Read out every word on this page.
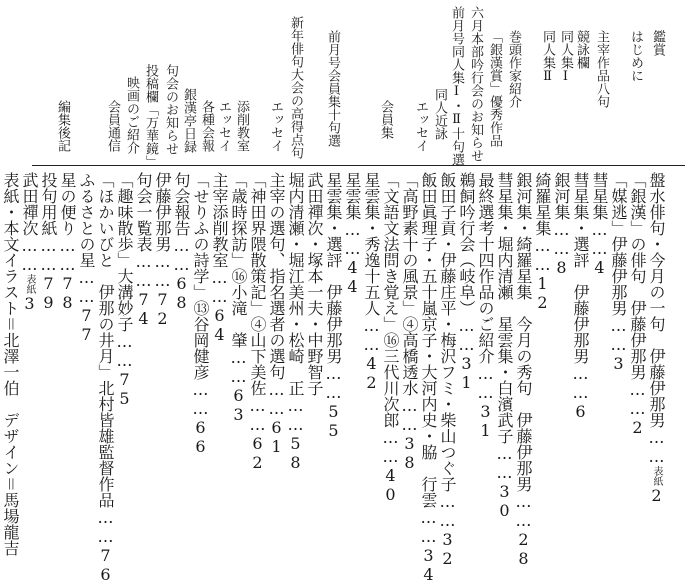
鑑賞
はじめに
主宰作品八句
競詠欄
同人集Ⅰ
同人集Ⅱ
巻頭作家紹介
「銀漢賞」優秀作品
六月本部吟行会のお知らせ
前月号同人集Ⅰ・Ⅱ十句選
同人近詠
エッセイ
会員集
前月号会員集十句選
新年俳句大会の高得点句
エッセイ
添削教室
エッセイ
各種会報
銀漢亭日録
句会のお知らせ
投稿欄「万華鏡」
映画のご紹介
会員通信
編集後記
盤水俳句・今月の一句　伊藤伊那男……表紙2
「銀漢」の俳句　伊藤伊那男……2
「媒逃」伊藤伊那男……3
彗星集……4
彗星集・選評　伊藤伊那男……6
銀河集……8
綺羅星集……12
銀河集・綺羅星集　今月の秀句　伊藤伊那男……28
彗星集・堀内清瀬　星雲集・白濱武子……30
最終選考十四作品のご紹介……31
鵜飼吟行会（岐阜）……31
飯田子貢・伊藤庄平・梅沢フミ・柴山つぐ子……32
飯田眞理子・五十嵐京子・大河内史・脇　行雲……34
「高野素十の風景」④高橋透水……38
「文語文法問き覚え」⑯三代川次郎……40
星雲集・秀逸十五人……42
星雲集……44
星雲集・選評　伊藤伊那男……55
武田禪次・塚本一夫・中野智子
堀内清瀬・堀江美州・松崎　正……58
主宰の選句、指名選者の選句……61
「神田界隈散策記」④山下美佐……62
「歳時探訪」⑯小滝　肇……63
主宰添削教室……64
「せりふの詩学」⑬谷岡健彦……66
句会報告……68
伊藤伊那男……72
句会一覧表……74
「趣味散歩」大溝妙子……75
「ほかいびと　伊那の井月」北村皆雄監督作品……76
ふるさとの星……77
星の便り……78
投句用紙……79
武田禪次……表紙3
表紙・本文イラスト＝北澤一伯　デザイン＝馬場龍吉
